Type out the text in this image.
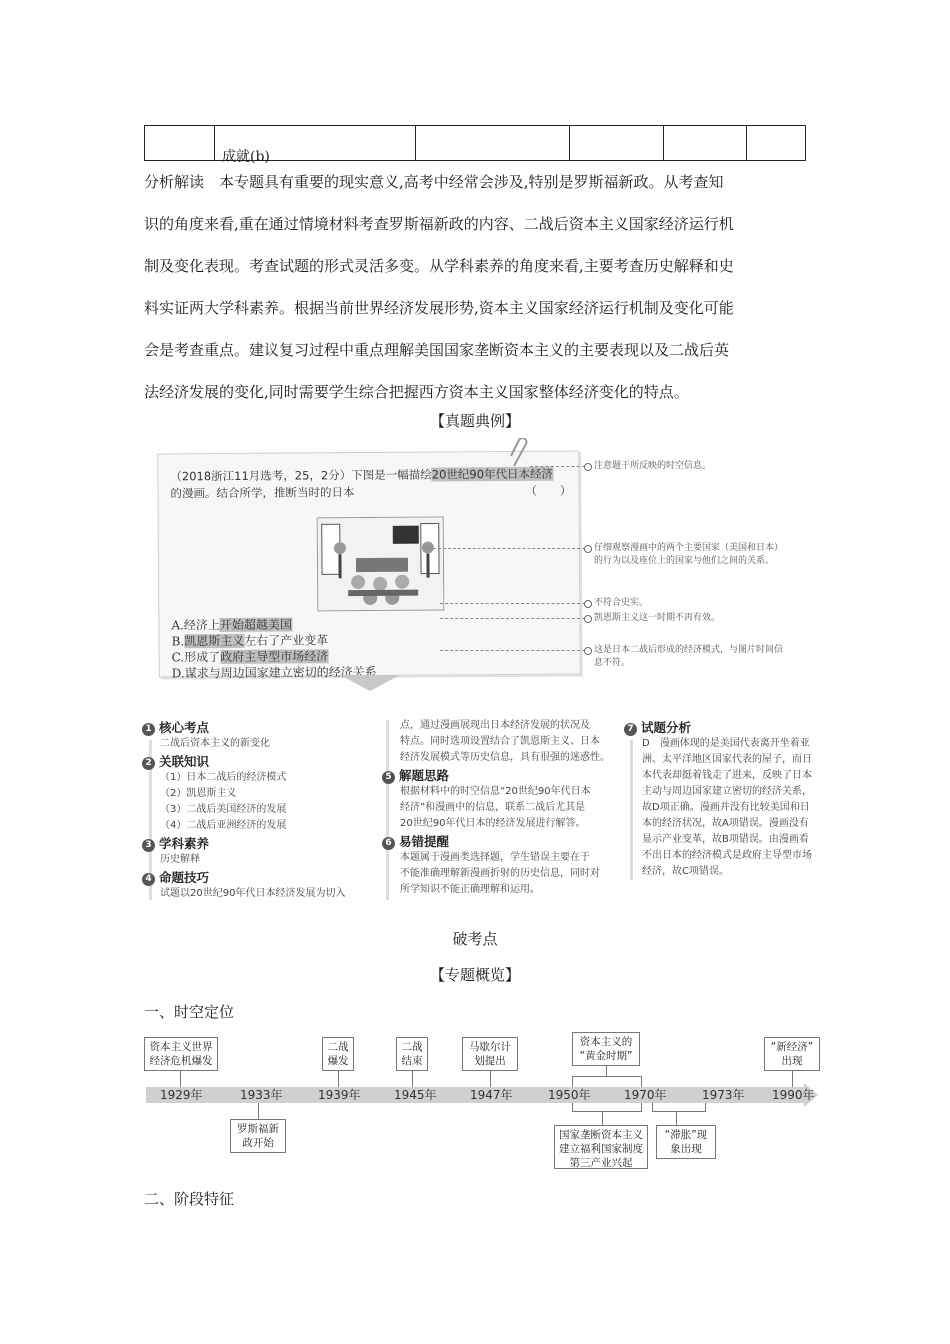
成就(b)
分析解读　本专题具有重要的现实意义,高考中经常会涉及,特别是罗斯福新政。从考查知
识的角度来看,重在通过情境材料考查罗斯福新政的内容、二战后资本主义国家经济运行机
制及变化表现。考查试题的形式灵活多变。从学科素养的角度来看,主要考查历史解释和史
料实证两大学科素养。根据当前世界经济发展形势,资本主义国家经济运行机制及变化可能
会是考查重点。建议复习过程中重点理解美国国家垄断资本主义的主要表现以及二战后英
法经济发展的变化,同时需要学生综合把握西方资本主义国家整体经济变化的特点。
【真题典例】
（2018浙江11月选考，25，2分）下图是一幅描绘20世纪90年代日本经济
的漫画。结合所学，推断当时的日本	（　　）
A.经济上开始超越美国
B.凯恩斯主义左右了产业变革
C.形成了政府主导型市场经济
D.谋求与周边国家建立密切的经济关系
注意题干所反映的时空信息。
仔细观察漫画中的两个主要国家（美国和日本）
的行为以及座位上的国家与他们之间的关系。
不符合史实。
凯恩斯主义这一时期不再有效。
这是日本二战后形成的经济模式，与图片时间信
息不符。
1 核心考点
二战后资本主义的新变化
2 关联知识
（1）日本二战后的经济模式
（2）凯恩斯主义
（3）二战后美国经济的发展
（4）二战后亚洲经济的发展
3 学科素养
历史解释
4 命题技巧
试题以20世纪90年代日本经济发展为切入
点，通过漫画展现出日本经济发展的状况及
特点。同时选项设置结合了凯恩斯主义、日本
经济发展模式等历史信息，具有很强的迷惑性。
5 解题思路
根据材料中的时空信息“20世纪90年代日本
经济”和漫画中的信息，联系二战后尤其是
20世纪90年代日本的经济发展进行解答。
6 易错提醒
本题属于漫画类选择题，学生错误主要在于
不能准确理解新漫画折射的历史信息，同时对
所学知识不能正确理解和运用。
7 试题分析
D　漫画体现的是美国代表离开坐着亚
洲、太平洋地区国家代表的屋子，而日
本代表却挺着钱走了进来，反映了日本
主动与周边国家建立密切的经济关系，
故D项正确。漫画并没有比较美国和日
本的经济状况，故A项错误。漫画没有
显示产业变革，故B项错误。由漫画看
不出日本的经济模式是政府主导型市场
经济，故C项错误。
破考点
【专题概览】
一、时空定位
1929年	1933年	1939年	1945年	1947年	1950年	1970年	1973年 1990年
资本主义世界
经济危机爆发
二战
爆发
二战
结束
马歇尔计
划提出
资本主义的
“黄金时期”
“新经济”
出现
罗斯福新
政开始
国家垄断资本主义
建立福利国家制度
第三产业兴起
“滞胀”现
象出现
二、阶段特征
